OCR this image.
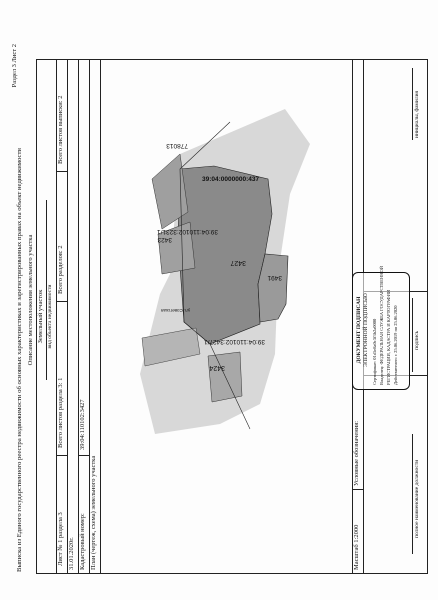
Раздел 3 Лист 2
Выписка из Единого государственного реестра недвижимости об основных характеристиках и зарегистрированных правах на объект недвижимости Описание местоположения земельного участка Земельный участок вид объекта недвижимости
Лист № 1 раздела 3
Всего листов раздела 3: 1
Всего разделов: 2
Всего листов выписки: 2
31.01.2020г. Кадастровый номер:
39:04:110102:3427
План (чертеж, схема) земельного участка
3427
3424
3423
3491
778013
39:04:110102:3427/1
39:04:110102:3231/1
39:04:0000000:437
ул. Советская
Масштаб 1:2000
Условные обозначения:
полное наименование должности
подпись
инициалы, фамилия
ДОКУМЕНТ ПОДПИСАН ЭЛЕКТРОННОЙ ПОДПИСЬЮ Сертификат: 01d5e8a0c3f3b2a0000 Владелец: ФЕДЕРАЛЬНАЯ СЛУЖБА ГОСУДАРСТВЕННОЙ РЕГИСТРАЦИИ, КАДАСТРА И КАРТОГРАФИИ Действителен: с 25.06.2019 по 25.06.2020
